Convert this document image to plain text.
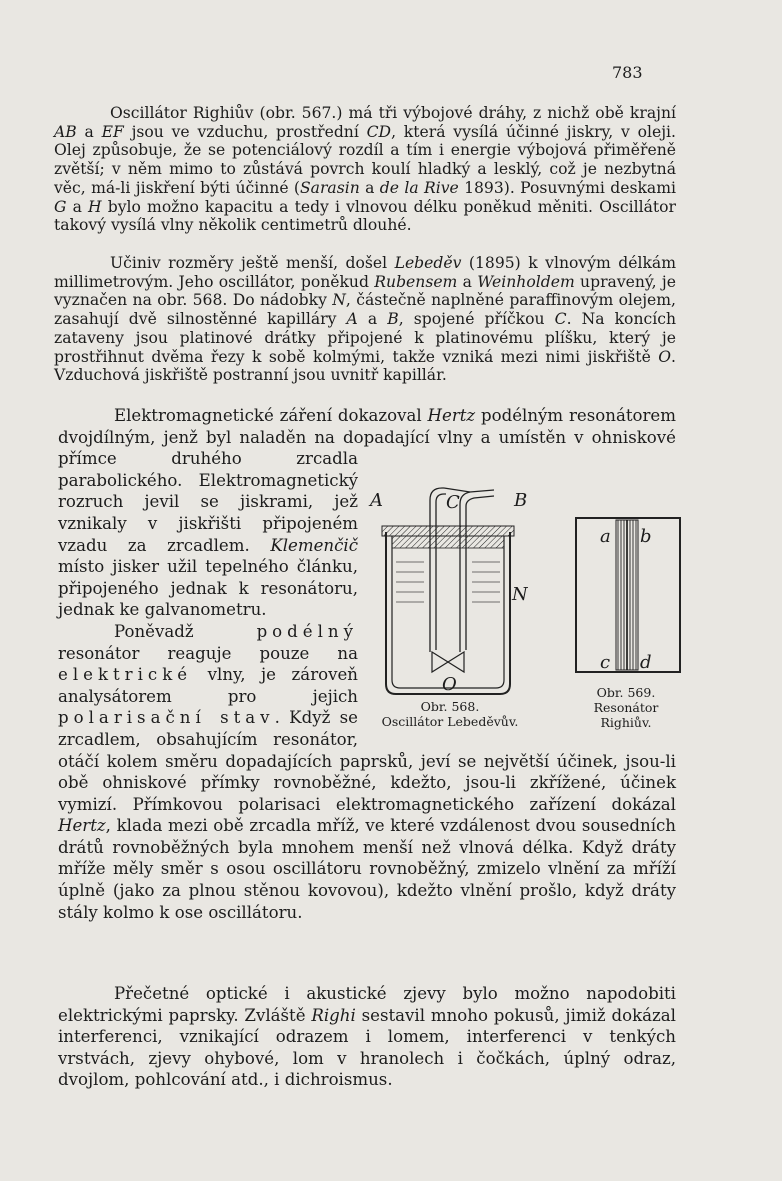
783

Oscillátor Righiův (obr. 567.) má tři výbojové dráhy, z nichž obě krajní AB a EF jsou ve vzduchu, prostřední CD, která vysílá účinné jiskry, v oleji. Olej způsobuje, že se potenciálový rozdíl a tím i energie výbojová přiměřeně zvětší; v něm mimo to zůstává povrch koulí hladký a lesklý, což je nezbytná věc, má-li jiskření býti účinné (Sarasin a de la Rive 1893). Posuvnými deskami G a H bylo možno kapacitu a tedy i vlnovou délku poněkud měniti. Oscillátor takový vysílá vlny několik centimetrů dlouhé.

Učiniv rozměry ještě menší, došel Lebeděv (1895) k vlnovým délkám millimetrovým. Jeho oscillátor, poněkud Rubensem a Weinholdem upravený, je vyznačen na obr. 568. Do nádobky N, částečně naplněné paraffinovým olejem, zasahují dvě silnostěnné kapilláry A a B, spojené příčkou C. Na koncích zataveny jsou platinové drátky připojené k platinovému plíšku, který je prostřihnut dvěma řezy k sobě kolmými, takže vzniká mezi nimi jiskřiště O. Vzduchová jiskřiště postranní jsou uvnitř kapillár.

Elektromagnetické záření dokazoval Hertz podélným resonátorem dvojdílným, jenž byl naladěn na dopadající vlny a umístěn v ohniskové přímce druhého zrcadla parabolického. Elektromagnetický rozruch jevil se jiskrami, jež vznikaly v jiskřišti připojeném vzadu za zrcadlem. Klemenčič místo jisker užil tepelného článku, připojeného jednak k resonátoru, jednak ke galvanometru.
Poněvadž podélný resonátor reaguje pouze na elektrické vlny, je zároveň analysátorem pro jejich polarisační stav. Když se zrcadlem, obsahujícím resonátor, otáčí kolem směru dopadajících paprsků, jeví se největší účinek, jsou-li obě ohniskové přímky rovnoběžné, kdežto, jsou-li zkřížené, účinek vymizí. Přímkovou polarisaci elektromagnetického zařízení dokázal Hertz, klada mezi obě zrcadla mříž, ve které vzdálenost dvou sousedních drátů rovnoběžných byla mnohem menší než vlnová délka. Když dráty mříže měly směr s osou oscillátoru rovnoběžný, zmizelo vlnění za mříží úplně (jako za plnou stěnou kovovou), kdežto vlnění prošlo, když dráty stály kolmo k ose oscillátoru.

Přečetné optické i akustické zjevy bylo možno napodobiti elektrickými paprsky. Zvláště Righi sestavil mnoho pokusů, jimiž dokázal interferenci, vznikající odrazem i lomem, interferenci v tenkých vrstvách, zjevy ohybové, lom v hranolech i čočkách, úplný odraz, dvojlom, pohlcování atd., i dichroismus.

A	C	B
N
O
Obr. 568.
Oscillátor Lebeděvův.
a b
c d
Obr. 569.
Resonátor
Righiův.
